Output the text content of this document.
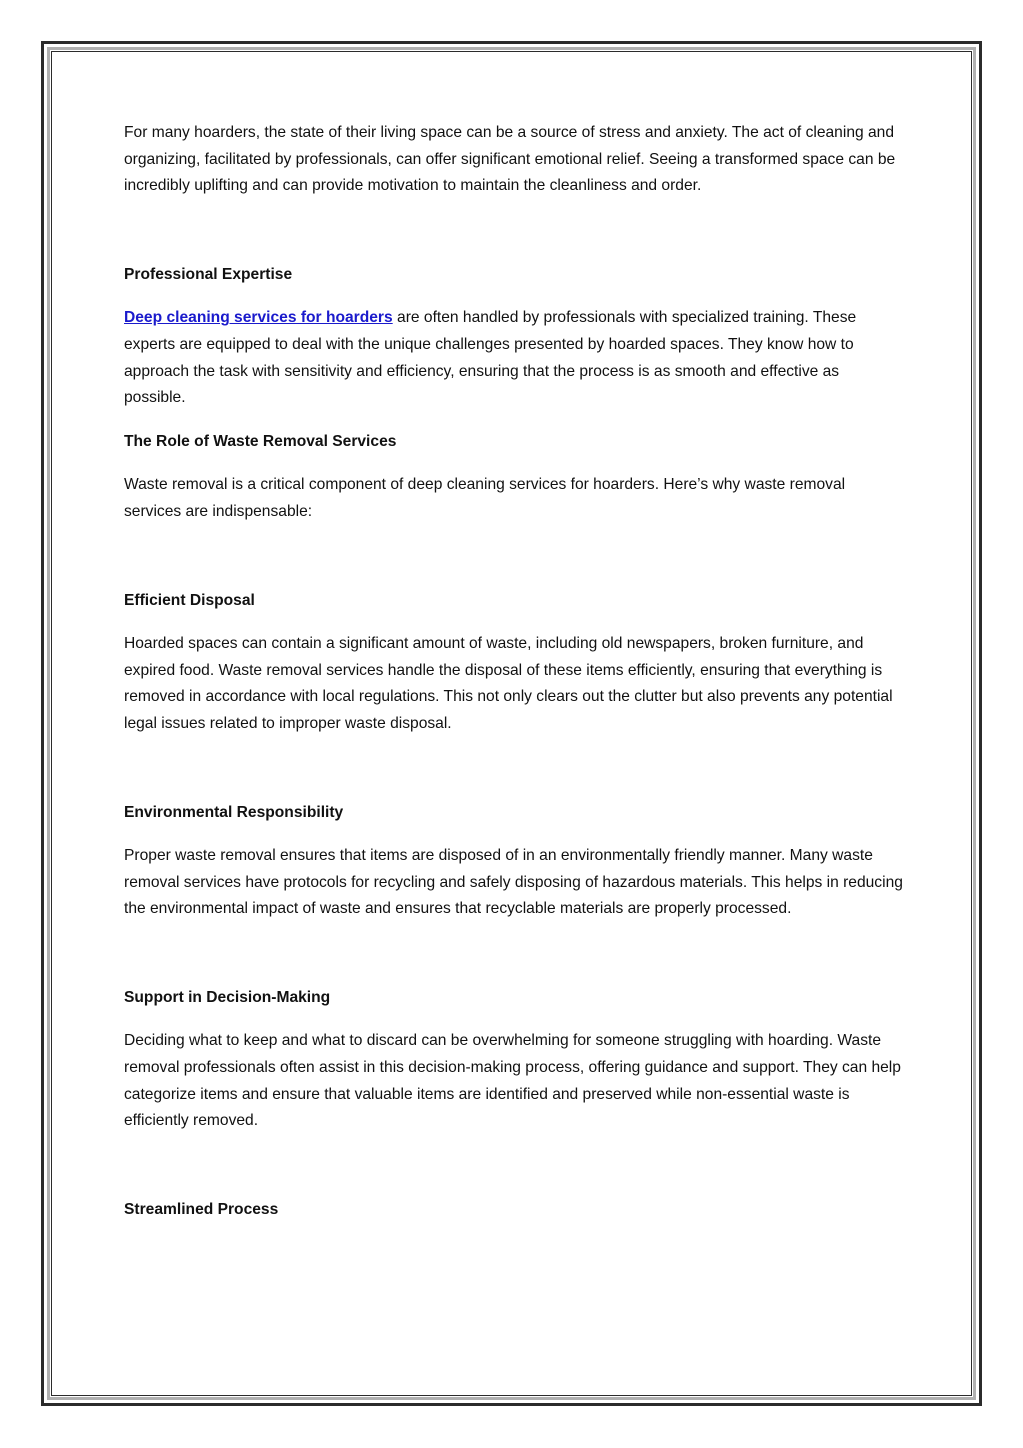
For many hoarders, the state of their living space can be a source of stress and anxiety. The act of cleaning and organizing, facilitated by professionals, can offer significant emotional relief. Seeing a transformed space can be incredibly uplifting and can provide motivation to maintain the cleanliness and order.

Professional Expertise

Deep cleaning services for hoarders are often handled by professionals with specialized training. These experts are equipped to deal with the unique challenges presented by hoarded spaces. They know how to approach the task with sensitivity and efficiency, ensuring that the process is as smooth and effective as possible.

The Role of Waste Removal Services

Waste removal is a critical component of deep cleaning services for hoarders. Here’s why waste removal services are indispensable:

Efficient Disposal

Hoarded spaces can contain a significant amount of waste, including old newspapers, broken furniture, and expired food. Waste removal services handle the disposal of these items efficiently, ensuring that everything is removed in accordance with local regulations. This not only clears out the clutter but also prevents any potential legal issues related to improper waste disposal.

Environmental Responsibility

Proper waste removal ensures that items are disposed of in an environmentally friendly manner. Many waste removal services have protocols for recycling and safely disposing of hazardous materials. This helps in reducing the environmental impact of waste and ensures that recyclable materials are properly processed.

Support in Decision-Making

Deciding what to keep and what to discard can be overwhelming for someone struggling with hoarding. Waste removal professionals often assist in this decision-making process, offering guidance and support. They can help categorize items and ensure that valuable items are identified and preserved while non-essential waste is efficiently removed.

Streamlined Process
